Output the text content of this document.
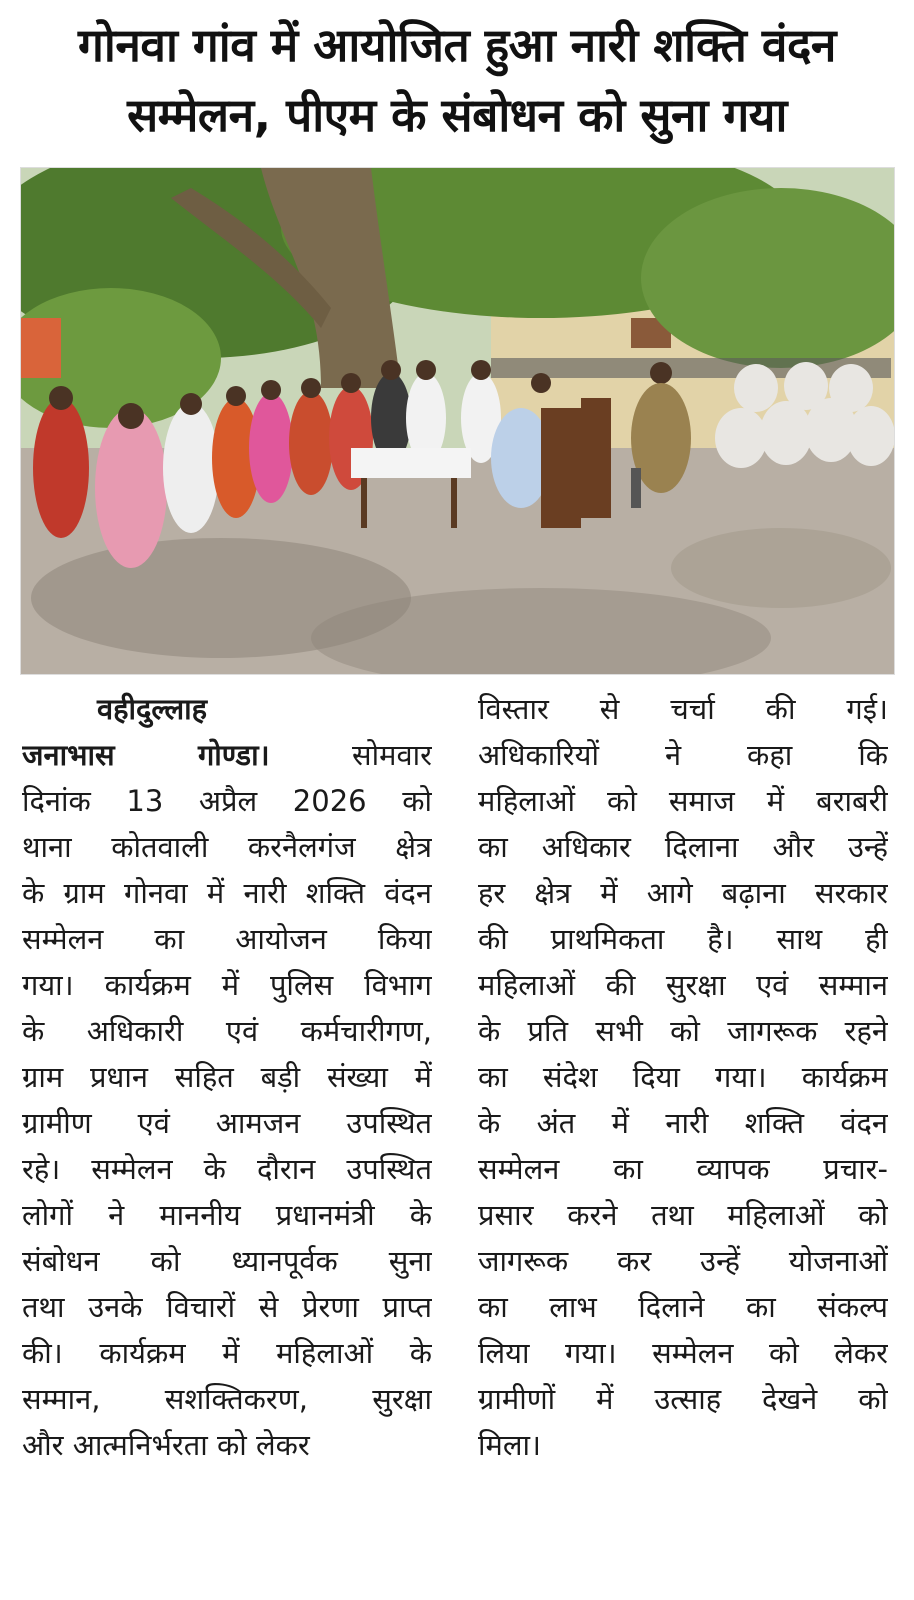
गोनवा गांव में आयोजित हुआ नारी शक्ति वंदन
सम्मेलन, पीएम के संबोधन को सुना गया
वहीदुल्लाह
जनाभास गोण्डा।	सोमवार
दिनांक 13 अप्रैल 2026 को
थाना कोतवाली करनैलगंज क्षेत्र
के ग्राम गोनवा में नारी शक्ति वंदन
सम्मेलन का आयोजन किया
गया। कार्यक्रम में पुलिस विभाग
के अधिकारी एवं कर्मचारीगण,
ग्राम प्रधान सहित बड़ी संख्या में
ग्रामीण एवं आमजन उपस्थित
रहे। सम्मेलन के दौरान उपस्थित
लोगों ने माननीय प्रधानमंत्री के
संबोधन को ध्यानपूर्वक सुना
तथा उनके विचारों से प्रेरणा प्राप्त
की। कार्यक्रम में महिलाओं के
सम्मान, सशक्तिकरण, सुरक्षा
और आत्मनिर्भरता को लेकर
विस्तार से चर्चा की गई।
अधिकारियों ने कहा कि
महिलाओं को समाज में बराबरी
का अधिकार दिलाना और उन्हें
हर क्षेत्र में आगे बढ़ाना सरकार
की प्राथमिकता है। साथ ही
महिलाओं की सुरक्षा एवं सम्मान
के प्रति सभी को जागरूक रहने
का संदेश दिया गया। कार्यक्रम
के अंत में नारी शक्ति वंदन
सम्मेलन का व्यापक प्रचार-
प्रसार करने तथा महिलाओं को
जागरूक कर उन्हें योजनाओं
का लाभ दिलाने का संकल्प
लिया गया। सम्मेलन को लेकर
ग्रामीणों में उत्साह देखने को
मिला।
